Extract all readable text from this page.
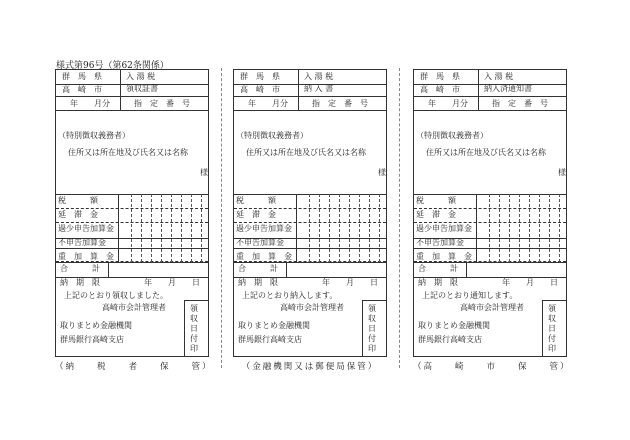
様式第96号（第62条関係）
群　馬　県
高　崎　市
入 湯 税
領収証書
年　　月分	指　定　番　号
（特別徴収義務者）
住所又は所在地及び氏名又は名称
様
税　　　額
延　滞　金
過少申告加算金
不申告加算金
重　加　算　金
合　　　計
納　期　限	年　　月　　日
上記のとおり領収しました。
高崎市会計管理者
取りまとめ金融機関
群馬銀行高崎支店
領
収
日
付
印
（納　　税　　者　　保　　管）
群　馬　県
高　崎　市
入 湯 税
納 入 書
年　　月分	指　定　番　号
（特別徴収義務者）
住所又は所在地及び氏名又は名称
様
税　　　額
延　滞　金
過少申告加算金
不申告加算金
重　加　算　金
合　　　計
納　期　限	年　　月　　日
上記のとおり納入します。
高崎市会計管理者
取りまとめ金融機関
群馬銀行高崎支店
領
収
日
付
印
（金融機関又は郵便局保管）
群　馬　県
高　崎　市
入 湯 税
納入済通知書
年　　月分	指　定　番　号
（特別徴収義務者）
住所又は所在地及び氏名又は名称
様
税　　　額
延　滞　金
過少申告加算金
不申告加算金
重　加　算　金
合　　　計
納　期　限	年　　月　　日
上記のとおり通知します。
高崎市会計管理者
取りまとめ金融機関
群馬銀行高崎支店
領
収
日
付
印
（高　　崎　　市　　保　　管）
